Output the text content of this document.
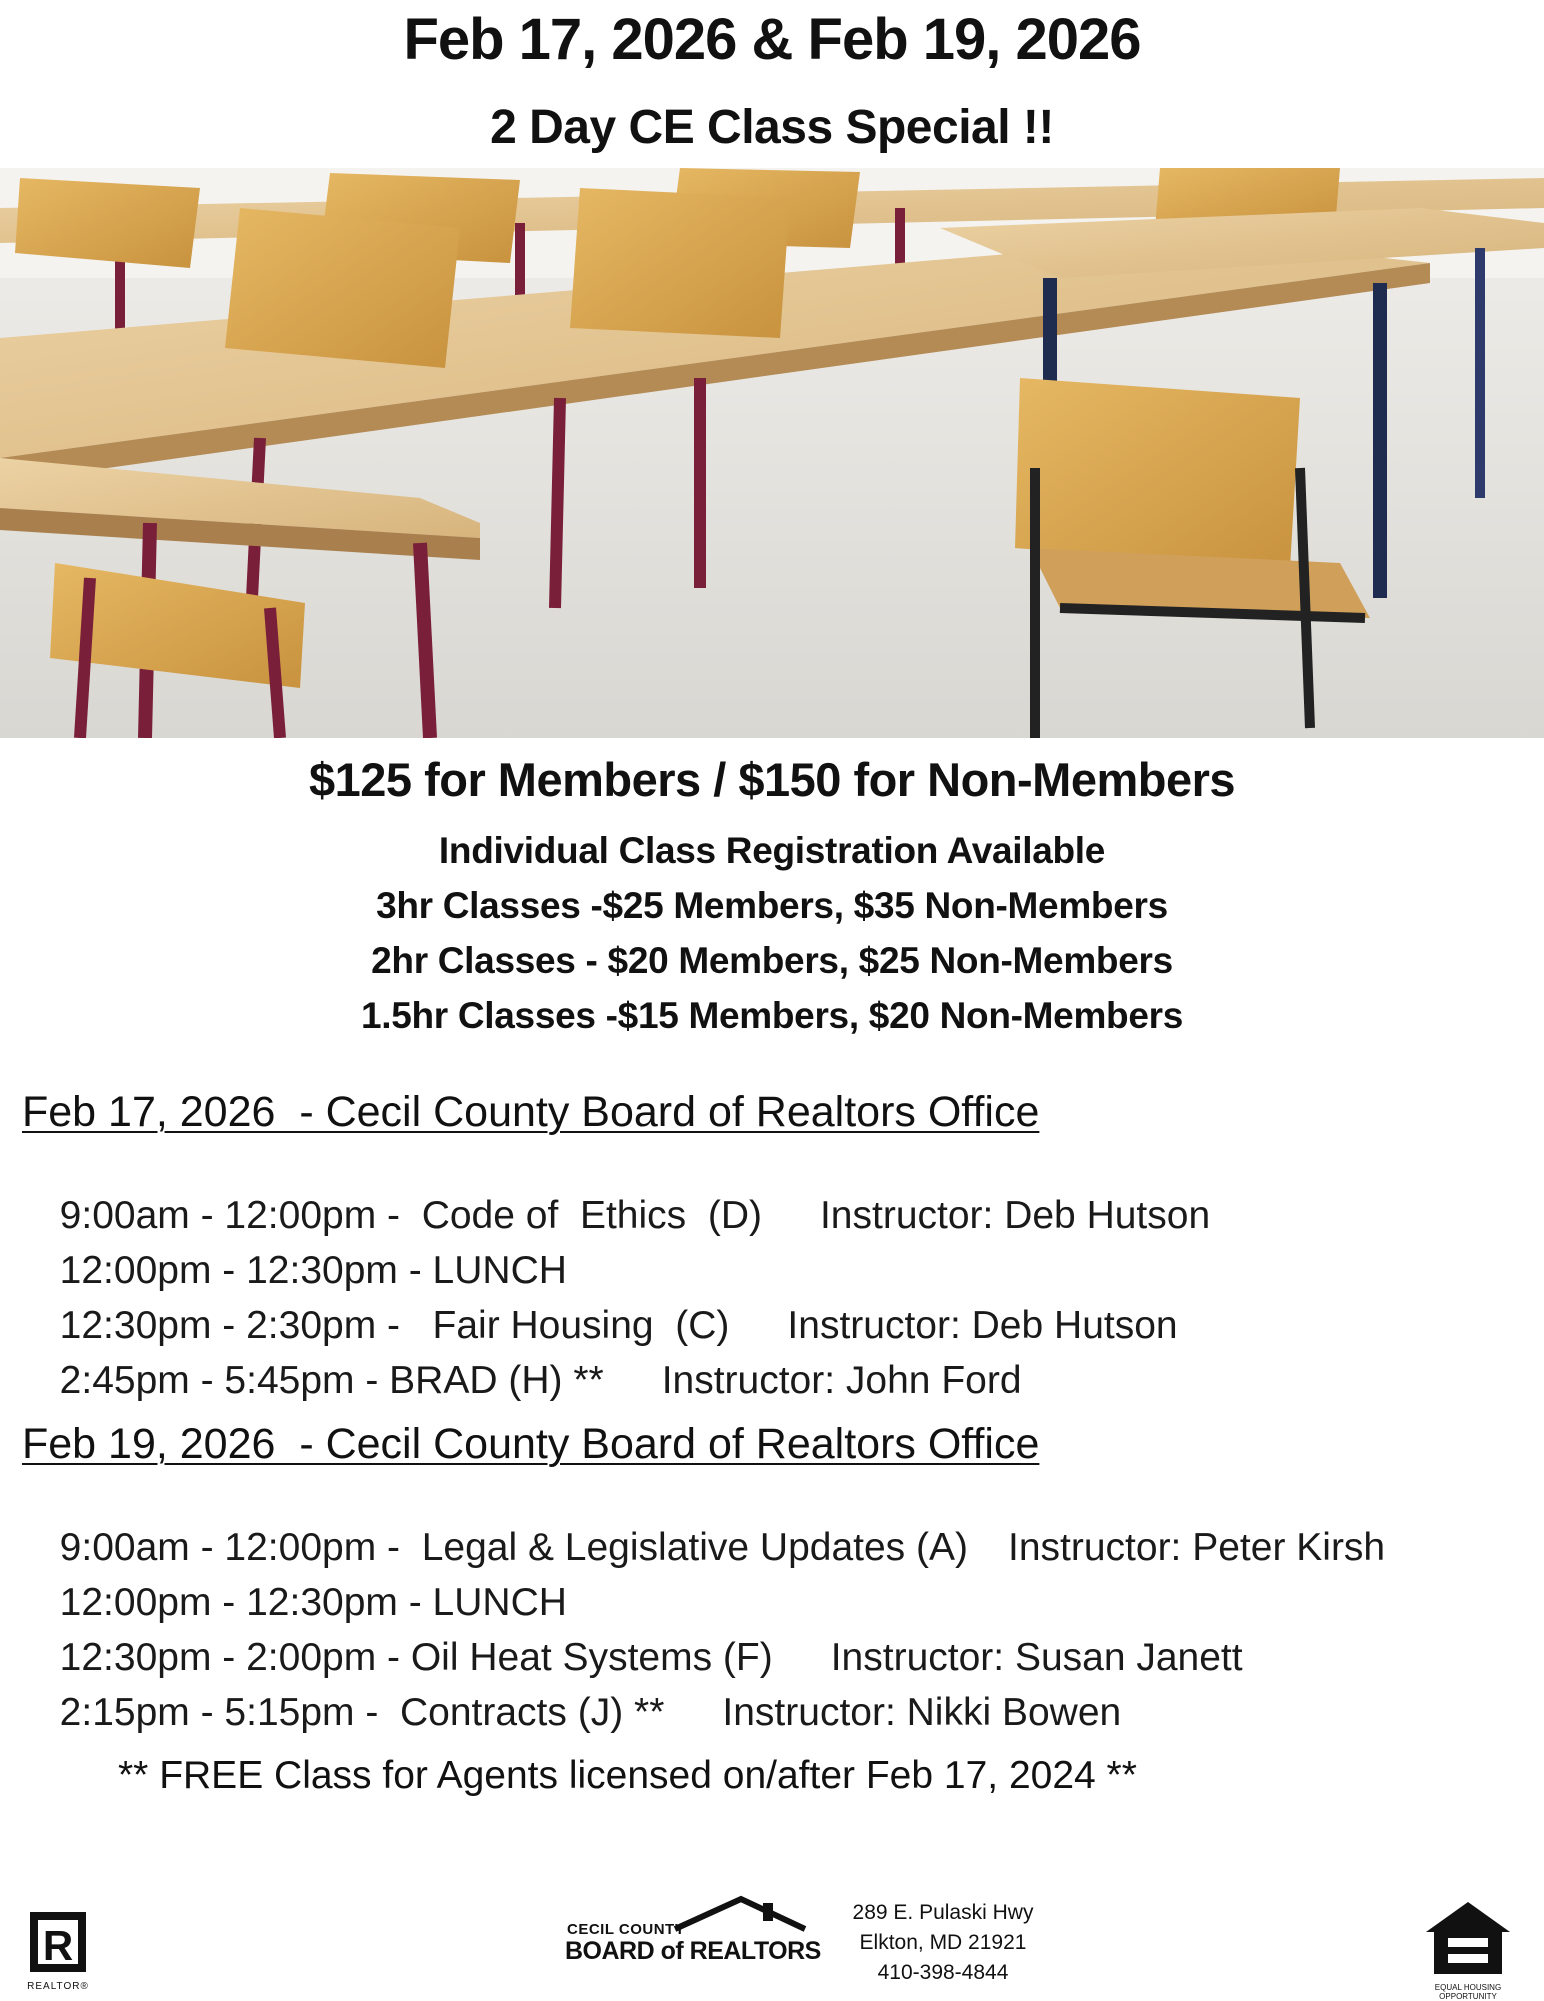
Feb 17, 2026 & Feb 19, 2026
2 Day CE Class Special !!
$125 for Members / $150 for Non-Members
Individual Class Registration Available
3hr Classes -$25 Members, $35 Non-Members
2hr Classes - $20 Members, $25 Non-Members
1.5hr Classes -$15 Members, $20 Non-Members
Feb 17, 2026  - Cecil County Board of Realtors Office

9:00am - 12:00pm -  Code of  Ethics  (D) Instructor: Deb Hutson

12:00pm - 12:30pm - LUNCH

12:30pm - 2:30pm -   Fair Housing  (C) Instructor: Deb Hutson

2:45pm - 5:45pm - BRAD (H) ** Instructor: John Ford

Feb 19, 2026  - Cecil County Board of Realtors Office

9:00am - 12:00pm -  Legal & Legislative Updates (A) Instructor: Peter Kirsh

12:00pm - 12:30pm - LUNCH

12:30pm - 2:00pm - Oil Heat Systems (F) Instructor: Susan Janett

2:15pm - 5:15pm -  Contracts (J) ** Instructor: Nikki Bowen

** FREE Class for Agents licensed on/after Feb 17, 2024 **
R
REALTOR®
CECIL COUNTY
BOARD of REALTORS
289 E. Pulaski Hwy
Elkton, MD 21921
410-398-4844
EQUAL HOUSING OPPORTUNITY
